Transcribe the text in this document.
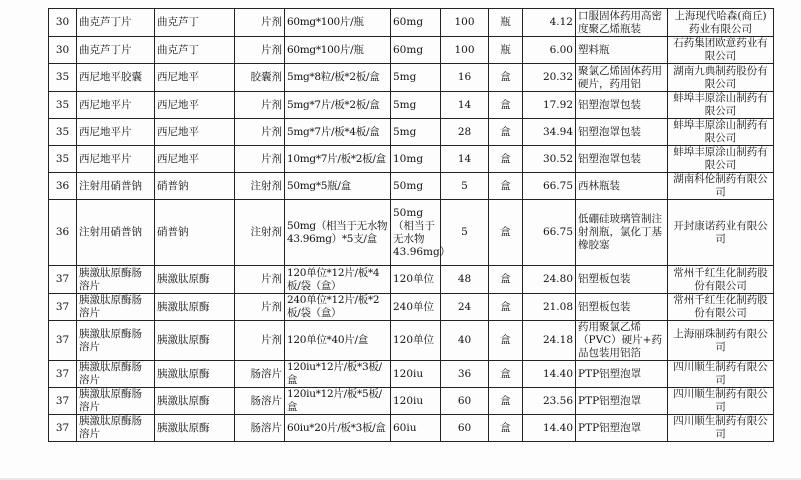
30	曲克芦丁片	曲克芦丁	片剂	60mg*100片/瓶	60mg	100	瓶	4.12	口服固体药用高密度聚乙烯瓶装	上海现代哈森(商丘)药业有限公司
30	曲克芦丁片	曲克芦丁	片剂	60mg*100片/瓶	60mg	100	瓶	6.00	塑料瓶	石药集团欧意药业有限公司
35	西尼地平胶囊	西尼地平	胶囊剂	5mg*8粒/板*2板/盒	5mg	16	盒	20.32	聚氯乙烯固体药用硬片，药用铝	湖南九典制药股份有限公司
35	西尼地平片	西尼地平	片剂	5mg*7片/板*2板/盒	5mg	14	盒	17.92	铝塑泡罩包装	蚌埠丰原涂山制药有限公司
35	西尼地平片	西尼地平	片剂	5mg*7片/板*4板/盒	5mg	28	盒	34.94	铝塑泡罩包装	蚌埠丰原涂山制药有限公司
35	西尼地平片	西尼地平	片剂	10mg*7片/板*2板/盒	10mg	14	盒	30.52	铝塑泡罩包装	蚌埠丰原涂山制药有限公司
36	注射用硝普钠	硝普钠	注射剂	50mg*5瓶/盒	50mg	5	盒	66.75	西林瓶装	湖南科伦制药有限公司
36	注射用硝普钠	硝普钠	注射剂	50mg（相当于无水物43.96mg）*5支/盒	50mg（相当于无水物43.96mg）	5	盒	66.75	低硼硅玻璃管制注射剂瓶，氯化丁基橡胶塞	开封康诺药业有限公司
37	胰激肽原酶肠溶片	胰激肽原酶	片剂	120单位*12片/板*4板/袋（盒）	120单位	48	盒	24.80	铝塑板包装	常州千红生化制药股份有限公司
37	胰激肽原酶肠溶片	胰激肽原酶	片剂	240单位*12片/板*2板/袋（盒）	240单位	24	盒	21.08	铝塑板包装	常州千红生化制药股份有限公司
37	胰激肽原酶肠溶片	胰激肽原酶	片剂	120单位*40片/盒	120单位	40	盒	24.18	药用聚氯乙烯（PVC）硬片+药品包装用铝箔	上海丽珠制药有限公司
37	胰激肽原酶肠溶片	胰激肽原酶	肠溶片	120iu*12片/板*3板/盒	120iu	36	盒	14.40	PTP铝塑泡罩	四川顺生制药有限公司
37	胰激肽原酶肠溶片	胰激肽原酶	肠溶片	120iu*12片/板*5板/盒	120iu	60	盒	23.56	PTP铝塑泡罩	四川顺生制药有限公司
37	胰激肽原酶肠溶片	胰激肽原酶	肠溶片	60iu*20片/板*3板/盒	60iu	60	盒	14.40	PTP铝塑泡罩	四川顺生制药有限公司
